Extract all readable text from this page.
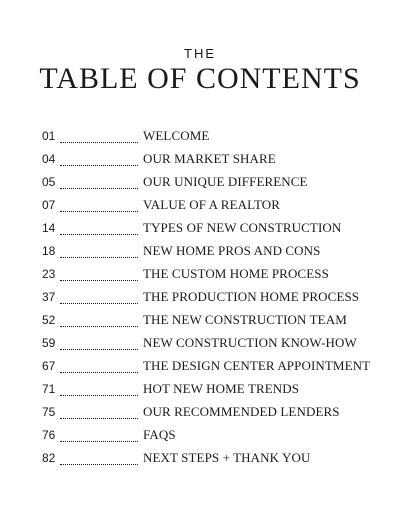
THE
TABLE OF CONTENTS
01	WELCOME
04	OUR MARKET SHARE
05	OUR UNIQUE DIFFERENCE
07	VALUE OF A REALTOR
14	TYPES OF NEW CONSTRUCTION
18	NEW HOME PROS AND CONS
23	THE CUSTOM HOME PROCESS
37	THE PRODUCTION HOME PROCESS
52	THE NEW CONSTRUCTION TEAM
59	NEW CONSTRUCTION KNOW-HOW
67	THE DESIGN CENTER APPOINTMENT
71	HOT NEW HOME TRENDS
75	OUR RECOMMENDED LENDERS
76	FAQS
82	NEXT STEPS + THANK YOU
